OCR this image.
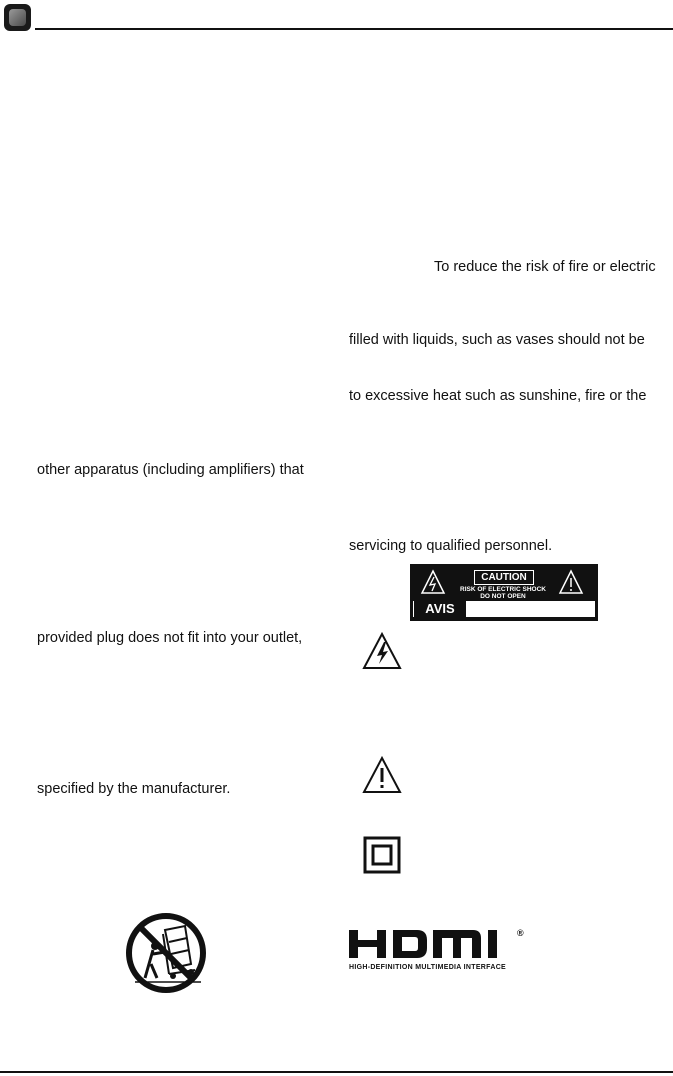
other apparatus (including amplifiers) that
provided plug does not fit into your outlet,
specified by the manufacturer.
To reduce the risk of fire or electric
filled with liquids, such as vases should not be
to excessive heat such as sunshine, fire or the
servicing to qualified personnel.
CAUTION
RISK OF ELECTRIC SHOCK
DO NOT OPEN
AVIS
®
HIGH-DEFINITION MULTIMEDIA INTERFACE
